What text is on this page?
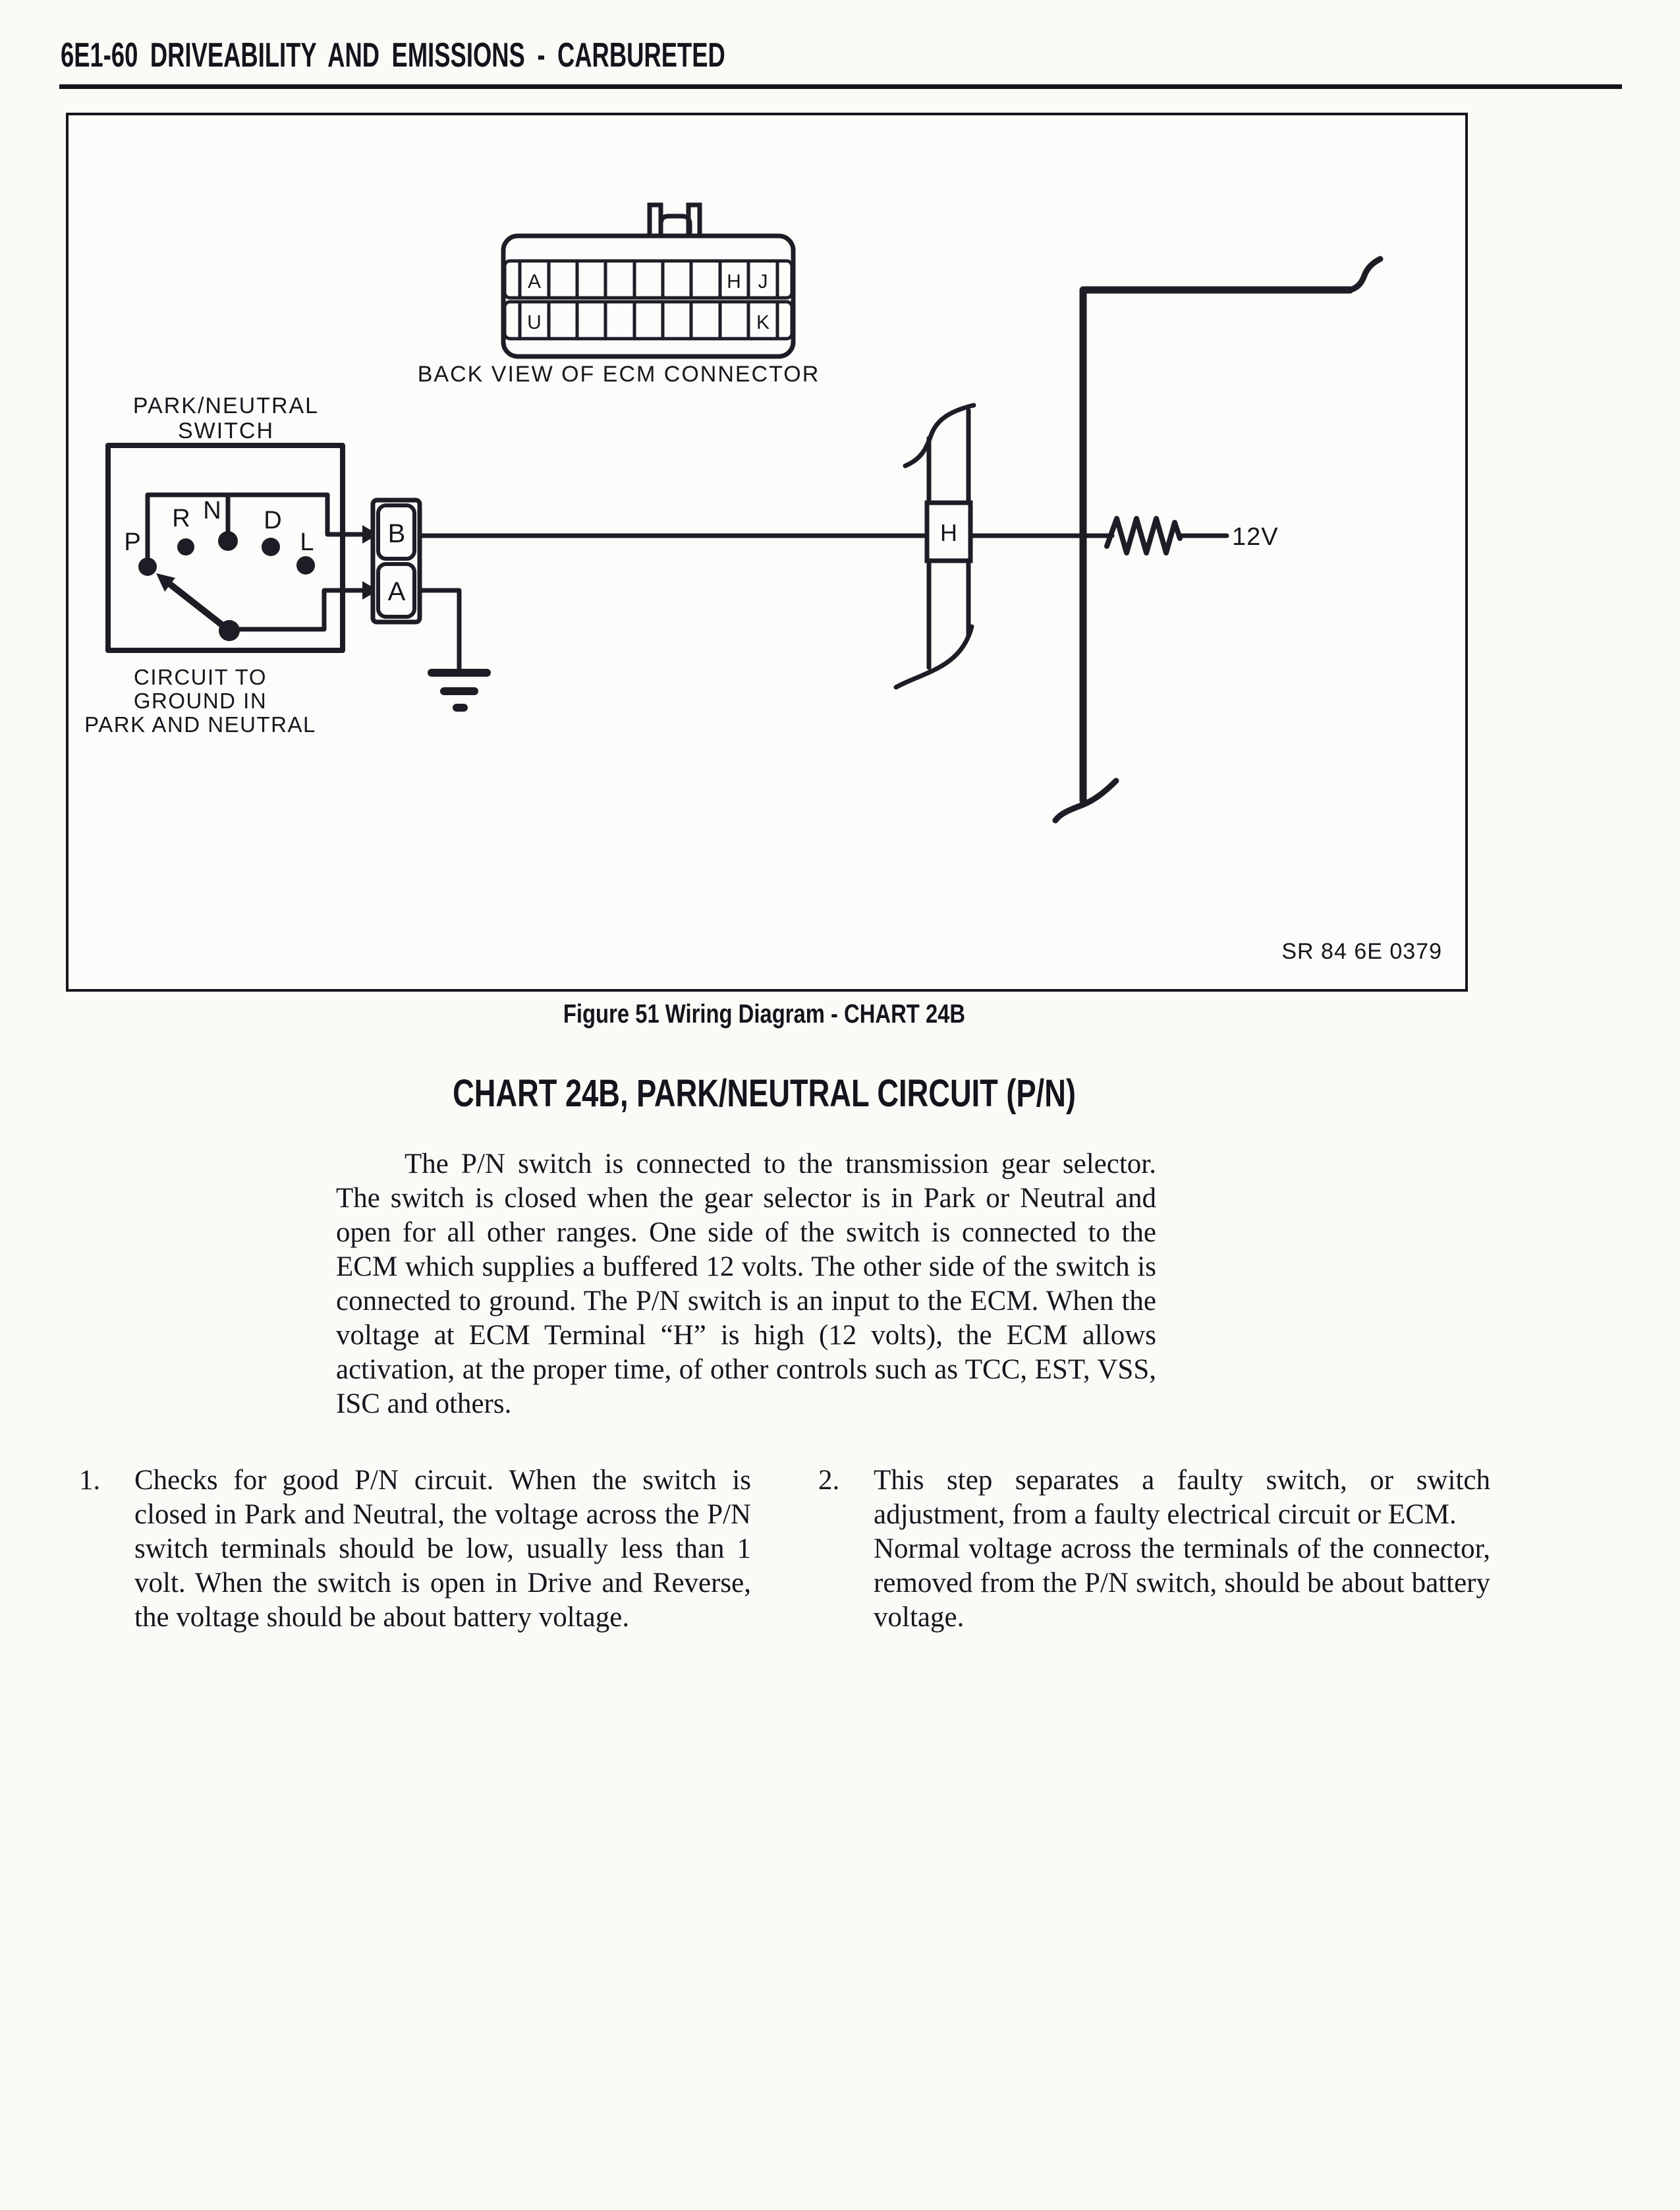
6E1-60 DRIVEABILITY AND EMISSIONS - CARBURETED
A	H J
U	K
BACK VIEW OF ECM CONNECTOR
PARK/NEUTRAL
SWITCH
P
R N D
L
CIRCUIT TO
GROUND IN
PARK AND NEUTRAL
B
A
H	12V
SR 84 6E 0379
Figure 51 Wiring Diagram - CHART 24B
CHART 24B, PARK/NEUTRAL CIRCUIT (P/N)

The P/N switch is connected to the transmission gear selector. The switch is closed when the gear selector is in Park or Neutral and open for all other ranges. One side of the switch is connected to the ECM which supplies a buffered 12 volts. The other side of the switch is connected to ground. The P/N switch is an input to the ECM. When the voltage at ECM Terminal “H” is high (12 volts), the ECM allows activation, at the proper time, of other controls such as TCC, EST, VSS, ISC and others.

1.	Checks for good P/N circuit. When the switch is closed in Park and Neutral, the voltage across the P/N switch terminals should be low, usually less than 1 volt. When the switch is open in Drive and Reverse, the voltage should be about battery voltage.

2.	This step separates a faulty switch, or switch adjustment, from a faulty electrical circuit or ECM.

Normal voltage across the terminals of the connector, removed from the P/N switch, should be about battery voltage.
